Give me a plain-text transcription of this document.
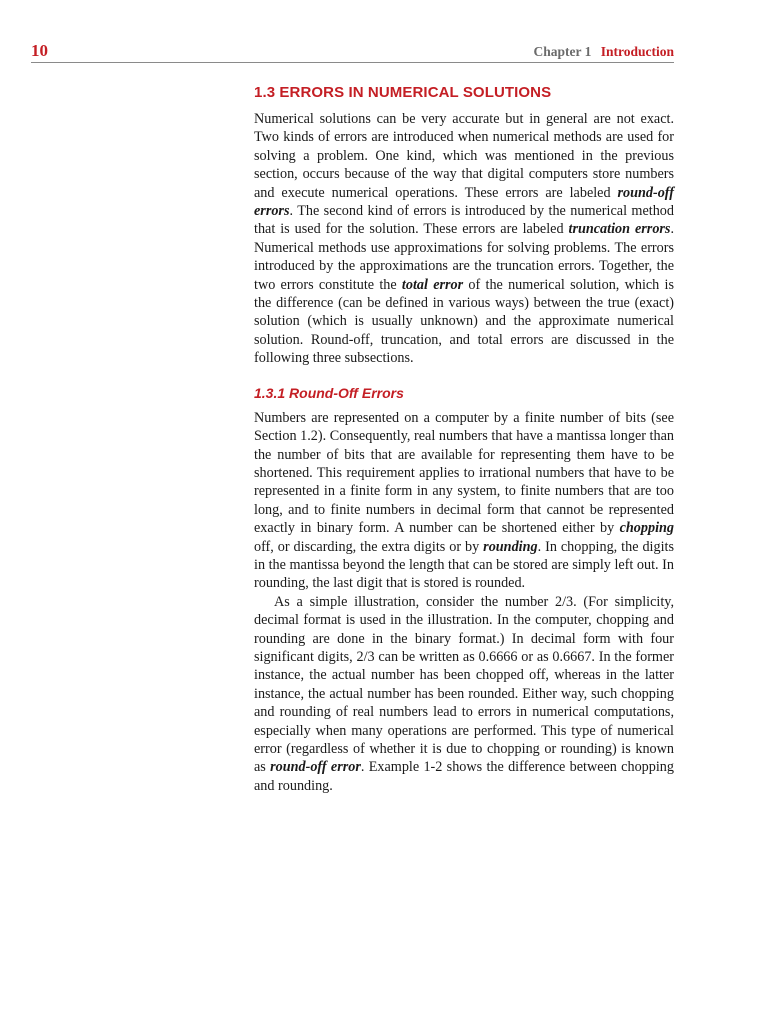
10	Chapter 1 Introduction
1.3 ERRORS IN NUMERICAL SOLUTIONS

Numerical solutions can be very accurate but in general are not exact. Two kinds of errors are introduced when numerical methods are used for solving a problem. One kind, which was mentioned in the previous section, occurs because of the way that digital computers store numbers and execute numerical operations. These errors are labeled round-off errors. The second kind of errors is introduced by the numerical method that is used for the solution. These errors are labeled truncation errors. Numerical methods use approximations for solving problems. The errors introduced by the approximations are the truncation errors. Together, the two errors constitute the total error of the numerical solution, which is the difference (can be defined in various ways) between the true (exact) solution (which is usually unknown) and the approximate numerical solution. Round-off, truncation, and total errors are discussed in the following three subsections.

1.3.1 Round-Off Errors

Numbers are represented on a computer by a finite number of bits (see Section 1.2). Consequently, real numbers that have a mantissa longer than the number of bits that are available for representing them have to be shortened. This requirement applies to irrational numbers that have to be represented in a finite form in any system, to finite numbers that are too long, and to finite numbers in decimal form that cannot be represented exactly in binary form. A number can be shortened either by chopping off, or discarding, the extra digits or by rounding. In chopping, the digits in the mantissa beyond the length that can be stored are simply left out. In rounding, the last digit that is stored is rounded.

As a simple illustration, consider the number 2/3. (For simplicity, decimal format is used in the illustration. In the computer, chopping and rounding are done in the binary format.) In decimal form with four significant digits, 2/3 can be written as 0.6666 or as 0.6667. In the former instance, the actual number has been chopped off, whereas in the latter instance, the actual number has been rounded. Either way, such chopping and rounding of real numbers lead to errors in numerical computations, especially when many operations are performed. This type of numerical error (regardless of whether it is due to chopping or rounding) is known as round-off error. Example 1-2 shows the difference between chopping and rounding.
